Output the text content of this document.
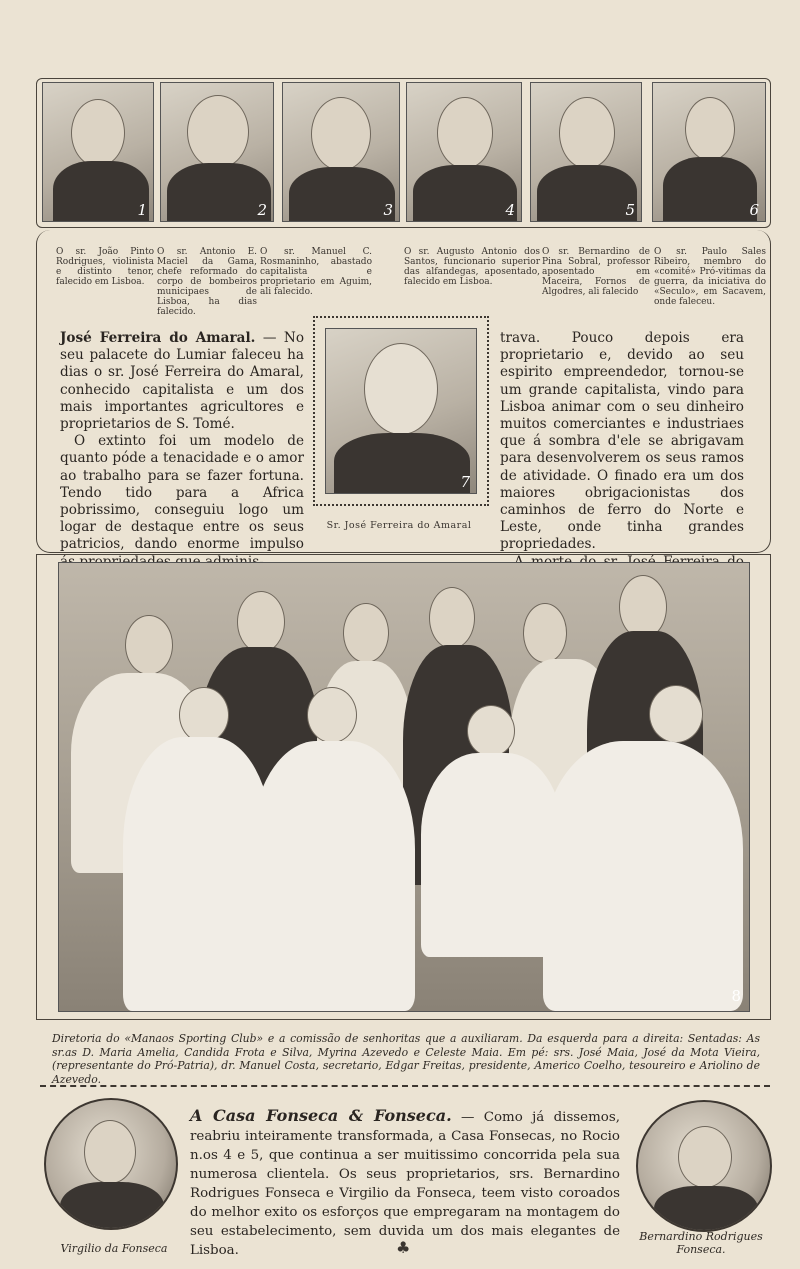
1	2	3	4	5	6
O sr. João Pinto Rodrigues, violinista e distinto tenor, falecido em Lisboa.
O sr. Antonio E. Maciel da Gama, chefe reformado do corpo de bombeiros municipaes de Lisboa, ha dias falecido.
O sr. Manuel C. Rosmaninho, abastado capitalista e proprietario em Aguim, ali falecido.
O sr. Augusto Antonio dos Santos, funcionario superior das alfandegas, aposentado, falecido em Lisboa.
O sr. Bernardino de Pina Sobral, professor aposentado em Maceira, Fornos de Algodres, ali falecido
O sr. Paulo Sales Ribeiro, membro do «comité» Pró-vitimas da guerra, da iniciativa do «Seculo», em Sacavem, onde faleceu.
José Ferreira do Amaral. — No seu palacete do Lumiar faleceu ha dias o sr. José Ferreira do Amaral, conhecido capitalista e um dos mais importantes agricultores e proprietarios de S. Tomé.
O extinto foi um modelo de quanto póde a tenacidade e o amor ao trabalho para se fazer fortuna. Tendo tido para a Africa pobrissimo, conseguiu logo um logar de destaque entre os seus patricios, dando enorme impulso
7
Sr. José Ferreira do Amaral
trava. Pouco depois era proprietario e, devido ao seu espirito empreendedor, tornou-se um grande capitalista, vindo para Lisboa animar com o seu dinheiro muitos comerciantes e industriaes que á sombra d'ele se abrigavam para desenvolverem os seus ramos de atividade. O finado era um dos maiores obrigacionistas dos caminhos de ferro do Norte e Leste, onde tinha grandes propriedades.

8
Diretoria do «Manaos Sporting Club» e a comissão de senhoritas que a auxiliaram. Da esquerda para a direita: Sentadas: As sr.as D. Maria Amelia, Candida Frota e Silva, Myrina Azevedo e Celeste Maia. Em pé: srs. José Maia, José da Mota Vieira, (representante do Pró-Patria), dr. Manuel Costa, secretario, Edgar Freitas, presidente, Americo Coelho, tesoureiro e Ariolino de Azevedo.
Virgilio da Fonseca
A Casa Fonseca & Fonseca. — Como já dissemos, reabriu inteiramente transformada, a Casa Fonsecas, no Rocio n.os 4 e 5, que continua a ser muitissimo concorrida pela sua numerosa clientela. Os seus proprietarios, srs. Bernardino Rodrigues Fonseca e Virgilio da Fonseca, teem visto coroados do melhor exito os esforços que empregaram na montagem do seu estabelecimento, sem duvida um dos mais elegantes de Lisboa.
Bernardino Rodrigues
Fonseca.
♣
